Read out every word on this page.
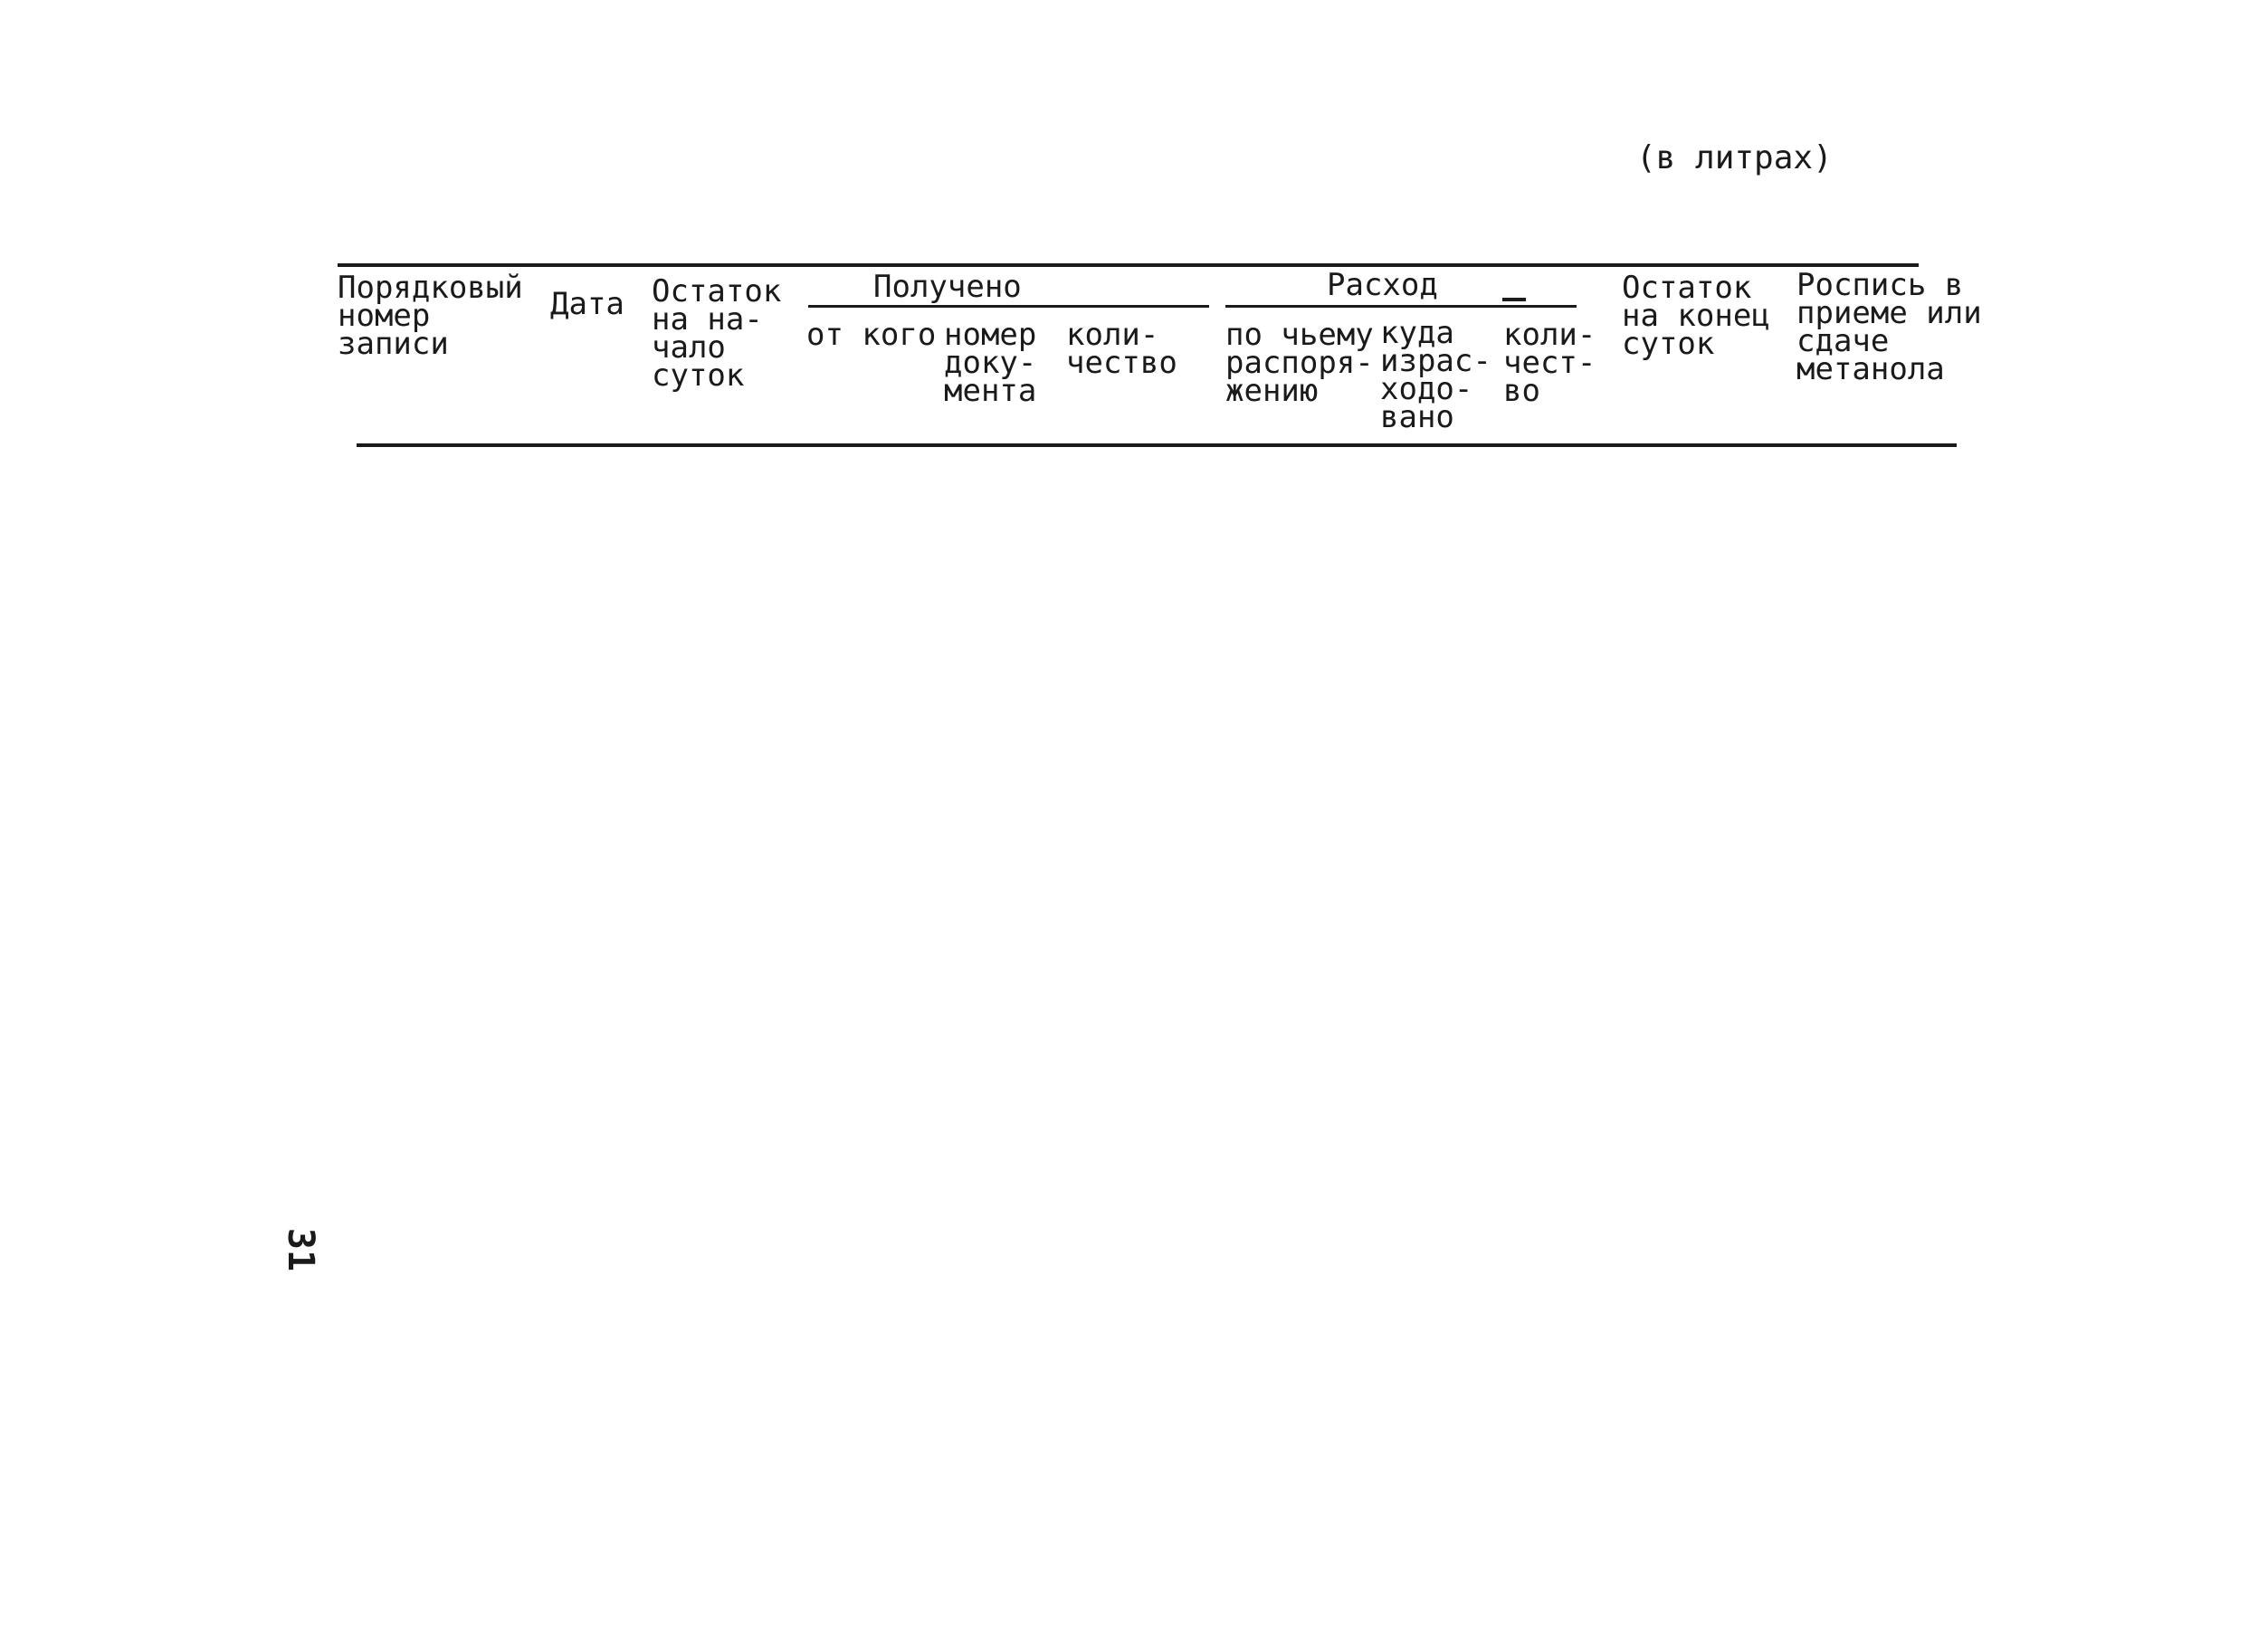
(в литрах)
Порядковый
номер
записи
Дата Остаток
на на-
чало
суток
Получено
от кого номер
доку-
мента
коли-
чество
Расход
по чьему
распоря-
жению
куда
израс-
ходо-
вано
коли-
чест-
во
Остаток
на конец
суток
Роспись в
приеме или
сдаче
метанола
31
